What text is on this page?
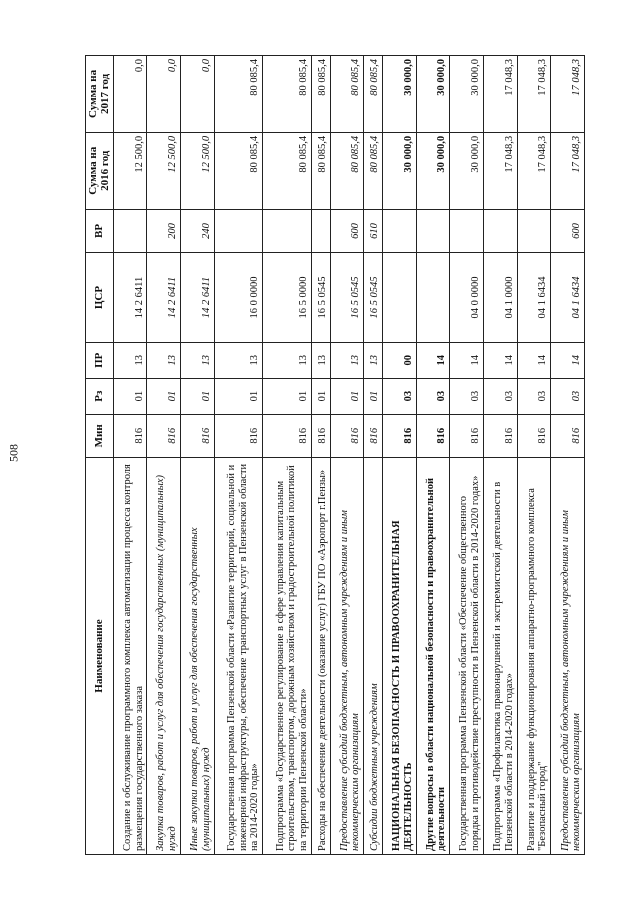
508
Наименование	Мин	Рз	ПР	ЦСР	ВР	Сумма на 2016 год	Сумма на 2017 год
Создание и обслуживание программного комплекса автоматизации процесса контроля размещения государственного заказа	816	01	13	14 2 6411		12 500,0	0,0
Закупка товаров, работ и услуг для обеспечения государственных (муниципальных) нужд	816	01	13	14 2 6411	200	12 500,0	0,0
Иные закупки товаров, работ и услуг для обеспечения государственных (муниципальных) нужд	816	01	13	14 2 6411	240	12 500,0	0,0
Государственная программа Пензенской области «Развитие территорий, социальной и инженерной инфраструктуры, обеспечение транспортных услуг в Пензенской области на 2014-2020 годы»	816	01	13	16 0 0000		80 085,4	80 085,4
Подпрограмма «Государственное регулирование в сфере управления капитальным строительством, транспортом, дорожным хозяйством и градостроительной политикой на территории Пензенской области»	816	01	13	16 5 0000		80 085,4	80 085,4
Расходы на обеспечение деятельности (оказание услуг) ГБУ ПО «Аэропорт г.Пензы»	816	01	13	16 5 0545		80 085,4	80 085,4
Предоставление субсидий бюджетным, автономным учреждениям и иным некоммерческим организациям	816	01	13	16 5 0545	600	80 085,4	80 085,4
Субсидии бюджетным учреждениям	816	01	13	16 5 0545	610	80 085,4	80 085,4
НАЦИОНАЛЬНАЯ БЕЗОПАСНОСТЬ И ПРАВООХРАНИТЕЛЬНАЯ ДЕЯТЕЛЬНОСТЬ	816	03	00			30 000,0	30 000,0
Другие вопросы в области национальной безопасности и правоохранительной деятельности	816	03	14			30 000,0	30 000,0
Государственная программа Пензенской области «Обеспечение общественного порядка и противодействие преступности в Пензенской области в 2014-2020 годах»	816	03	14	04 0 0000		30 000,0	30 000,0
Подпрограмма «Профилактика правонарушений и экстремистской деятельности в Пензенской области в 2014-2020 годах»	816	03	14	04 1 0000		17 048,3	17 048,3
Развитие и поддержание функционирования аппаратно-программного комплекса "Безопасный город"	816	03	14	04 1 6434		17 048,3	17 048,3
Предоставление субсидий бюджетным, автономным учреждениям и иным некоммерческим организациям	816	03	14	04 1 6434	600	17 048,3	17 048,3
